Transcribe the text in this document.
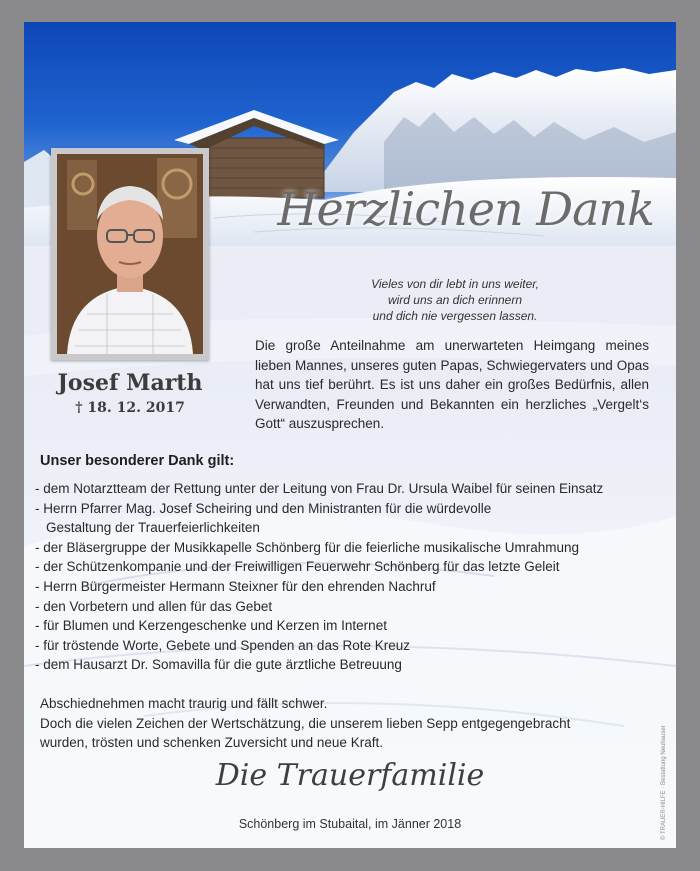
Herzlichen Dank
Josef Marth
† 18. 12. 2017
Vieles von dir lebt in uns weiter,
wird uns an dich erinnern
und dich nie vergessen lassen.
Die große Anteilnahme am unerwarteten Heimgang meines lieben Mannes, unseres guten Papas, Schwiegervaters und Opas hat uns tief berührt. Es ist uns daher ein großes Bedürfnis, allen Verwandten, Freunden und Bekannten ein herzliches „Vergelt‘s Gott“ auszusprechen.
Unser besonderer Dank gilt:
- dem Notarztteam der Rettung unter der Leitung von Frau Dr. Ursula Waibel für seinen Einsatz
- Herrn Pfarrer Mag. Josef Scheiring und den Ministranten für die würdevolle
Gestaltung der Trauerfeierlichkeiten
- der Bläsergruppe der Musikkapelle Schönberg für die feierliche musikalische Umrahmung
- der Schützenkompanie und der Freiwilligen Feuerwehr Schönberg für das letzte Geleit
- Herrn Bürgermeister Hermann Steixner für den ehrenden Nachruf
- den Vorbetern und allen für das Gebet
- für Blumen und Kerzengeschenke und Kerzen im Internet
- für tröstende Worte, Gebete und Spenden an das Rote Kreuz
- dem Hausarzt Dr. Somavilla für die gute ärztliche Betreuung
Abschiednehmen macht traurig und fällt schwer.
Doch die vielen Zeichen der Wertschätzung, die unserem lieben Sepp entgegengebracht
wurden, trösten und schenken Zuversicht und neue Kraft.
Die Trauerfamilie
Schönberg im Stubaital, im Jänner 2018	© TRAUER-HILFE · Bestattung Neuhauser
